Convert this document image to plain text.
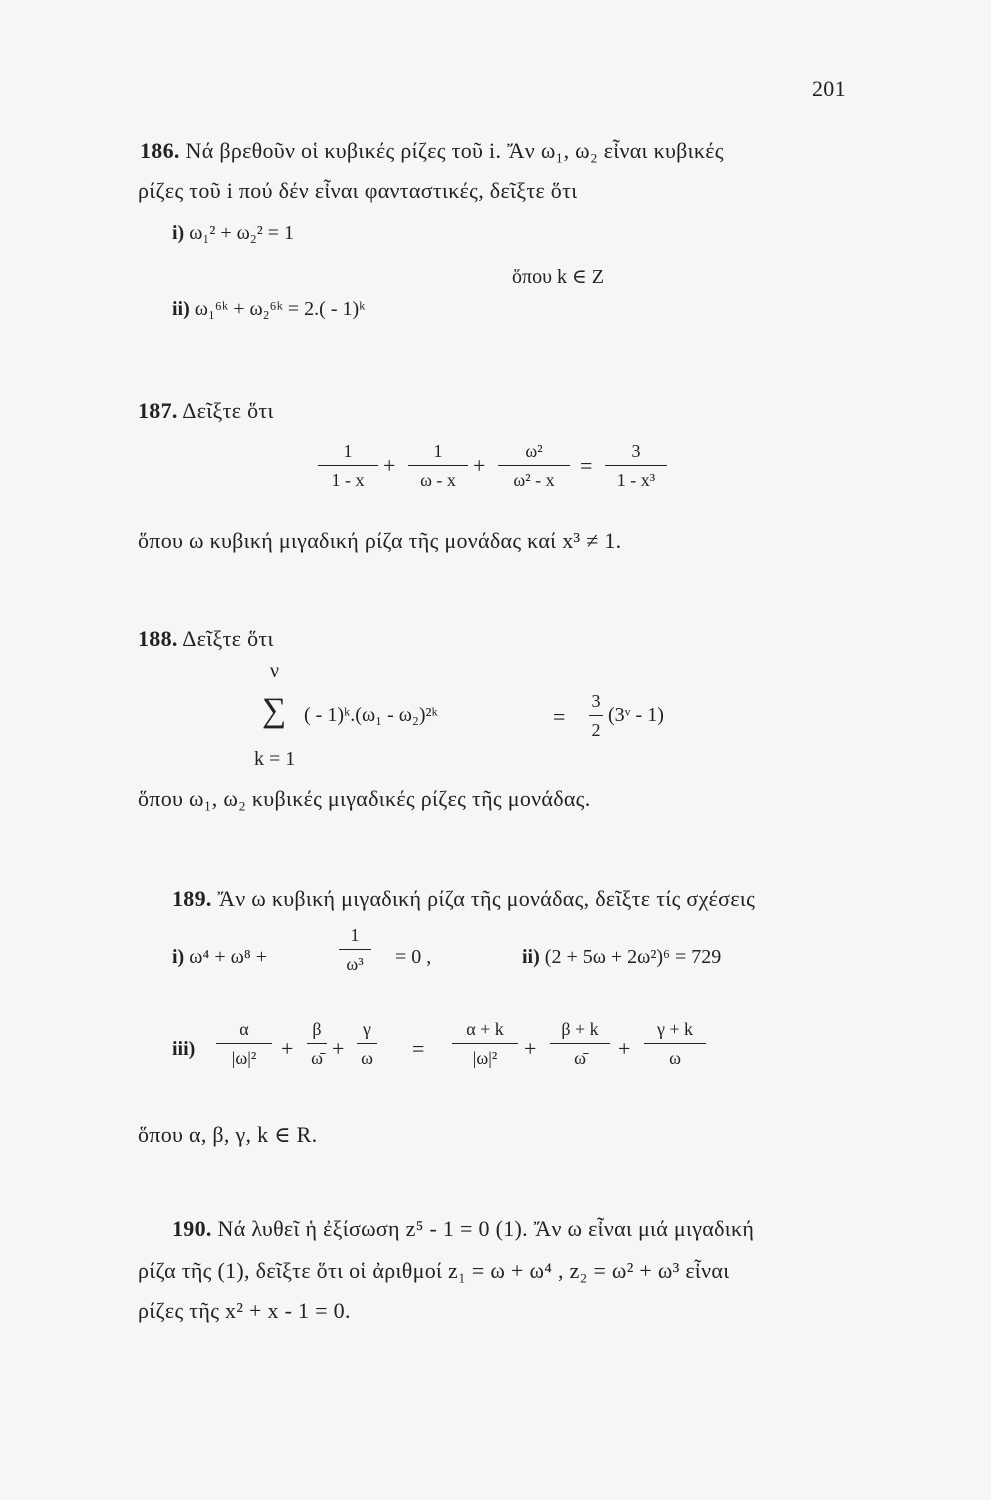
201
186. Νά βρεθοῦν οἱ κυβικές ρίζες τοῦ i. Ἄν ω₁, ω₂ εἶναι κυβικές
ρίζες τοῦ i πού δέν εἶναι φανταστικές, δεῖξτε ὅτι
i) ω₁² + ω₂² = 1
ὅπου k ∈ Z
ii) ω₁⁶ᵏ + ω₂⁶ᵏ = 2.( - 1)ᵏ
187. Δεῖξτε ὅτι
1
1 - x
+
1
ω - x
+
ω²
ω² - x
=
3
1 - x³
ὅπου ω κυβική μιγαδική ρίζα τῆς μονάδας καί x³ ≠ 1.
188. Δεῖξτε ὅτι
ν
∑ ( - 1)ᵏ.(ω₁ - ω₂)²ᵏ	=
3
2
(3ᵛ - 1)
k = 1
ὅπου ω₁, ω₂ κυβικές μιγαδικές ρίζες τῆς μονάδας.
189. Ἄν ω κυβική μιγαδική ρίζα τῆς μονάδας, δεῖξτε τίς σχέσεις
i) ω⁴ + ω⁸ +
1
ω³ = 0 ,	ii) (2 + 5ω + 2ω²)⁶ = 729
iii)
α
|ω|² +
β
ω̄ +
γ
ω =
α + k
|ω|² +
β + k
ω̄ +
γ + k
ω
ὅπου α, β, γ, k ∈ R.
190. Νά λυθεῖ ἡ ἐξίσωση z⁵ - 1 = 0 (1). Ἄν ω εἶναι μιά μιγαδική
ρίζα τῆς (1), δεῖξτε ὅτι οἱ ἀριθμοί z₁ = ω + ω⁴ , z₂ = ω² + ω³ εἶναι
ρίζες τῆς x² + x - 1 = 0.
